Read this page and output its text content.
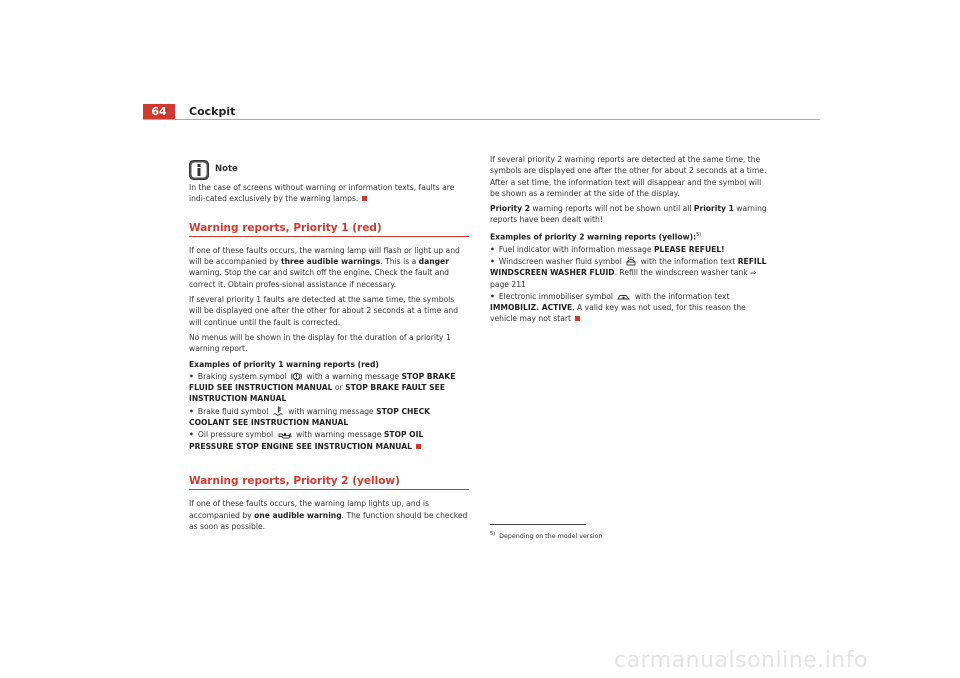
64	Cockpit
Note

In the case of screens without warning or information texts, faults are indi-cated exclusively by the warning lamps.

Warning reports, Priority 1 (red)

If one of these faults occurs, the warning lamp will flash or light up and will be accompanied by three audible warnings. This is a danger warning. Stop the car and switch off the engine. Check the fault and correct it. Obtain profes-sional assistance if necessary.

If several priority 1 faults are detected at the same time, the symbols will be displayed one after the other for about 2 seconds at a time and will continue until the fault is corrected.

No menus will be shown in the display for the duration of a priority 1 warning report.

Examples of priority 1 warning reports (red)

• Braking system symbol  with a warning message STOP BRAKE FLUID SEE INSTRUCTION MANUAL or STOP BRAKE FAULT SEE INSTRUCTION MANUAL
• Brake fluid symbol  with warning message STOP CHECK COOLANT SEE INSTRUCTION MANUAL
• Oil pressure symbol  with warning message STOP OIL PRESSURE STOP ENGINE SEE INSTRUCTION MANUAL
Warning reports, Priority 2 (yellow)

If one of these faults occurs, the warning lamp lights up, and is accompanied by one audible warning. The function should be checked as soon as possible.

If several priority 2 warning reports are detected at the same time, the symbols are displayed one after the other for about 2 seconds at a time. After a set time, the information text will disappear and the symbol will be shown as a reminder at the side of the display.

Priority 2 warning reports will not be shown until all Priority 1 warning reports have been dealt with!

Examples of priority 2 warning reports (yellow):$^{5)}$

• Fuel indicator with information message PLEASE REFUEL!
• Windscreen washer fluid symbol  with the information text REFILL WINDSCREEN WASHER FLUID. Refill the windscreen washer tank ⇒ page 211
• Electronic immobiliser symbol  with the information text IMMOBILIZ. ACTIVE. A valid key was not used, for this reason the vehicle may not start
$^{5)}$ Depending on the model version
carmanualsonline.info
